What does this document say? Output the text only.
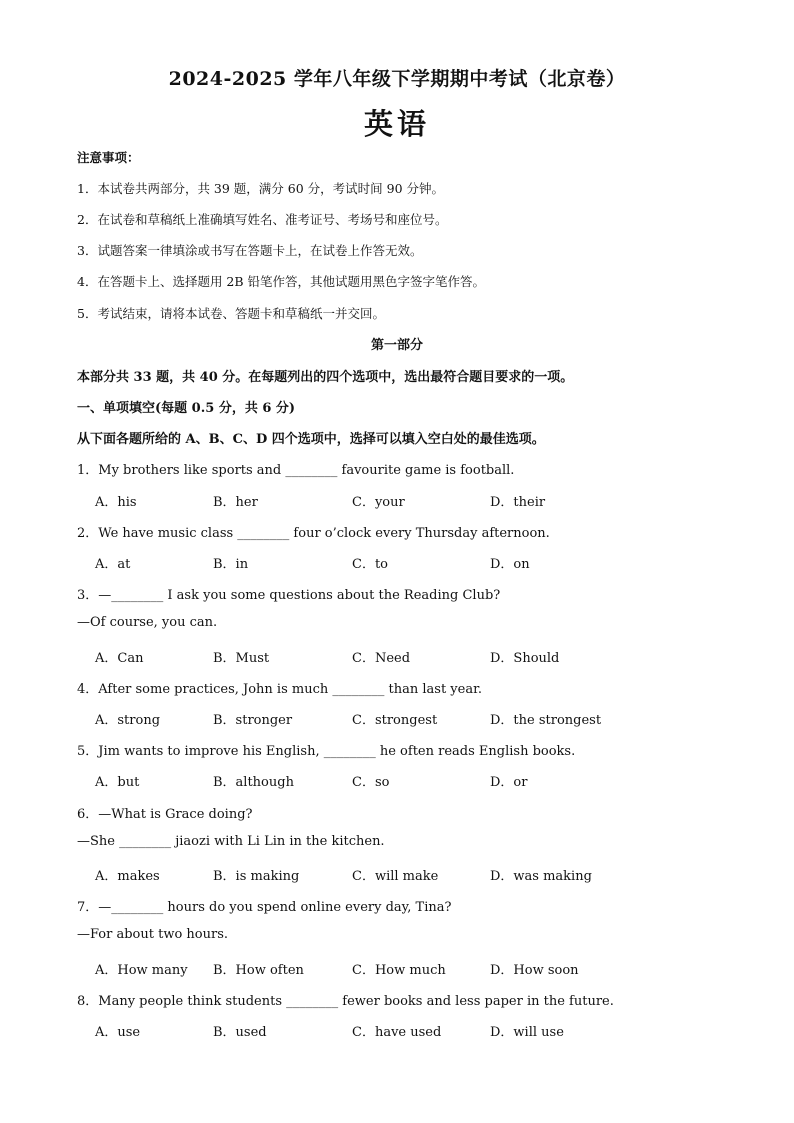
2024-2025 学年八年级下学期期中考试（北京卷）
英语
注意事项：
1．本试卷共两部分，共 39 题，满分 60 分，考试时间 90 分钟。
2．在试卷和草稿纸上准确填写姓名、准考证号、考场号和座位号。
3．试题答案一律填涂或书写在答题卡上，在试卷上作答无效。
4．在答题卡上、选择题用 2B 铅笔作答，其他试题用黑色字签字笔作答。
5．考试结束，请将本试卷、答题卡和草稿纸一并交回。
第一部分
本部分共 33 题，共 40 分。在每题列出的四个选项中，选出最符合题目要求的一项。
一、单项填空(每题 0.5 分，共 6 分)
从下面各题所给的 A、B、C、D 四个选项中，选择可以填入空白处的最佳选项。
1．My brothers like sports and ________ favourite game is football.
A．his	B．her	C．your	D．their
2．We have music class ________ four o’clock every Thursday afternoon.
A．at	B．in	C．to	D．on
3．—________ I ask you some questions about the Reading Club?
—Of course, you can.
A．Can	B．Must	C．Need	D．Should
4．After some practices, John is much ________ than last year.
A．strong	B．stronger	C．strongest	D．the strongest
5．Jim wants to improve his English, ________ he often reads English books.
A．but	B．although	C．so	D．or
6．—What is Grace doing?
—She ________ jiaozi with Li Lin in the kitchen.
A．makes	B．is making	C．will make	D．was making
7．—________ hours do you spend online every day, Tina?
—For about two hours.
A．How many B．How often	C．How much	D．How soon
8．Many people think students ________ fewer books and less paper in the future.
A．use	B．used	C．have used	D．will use
